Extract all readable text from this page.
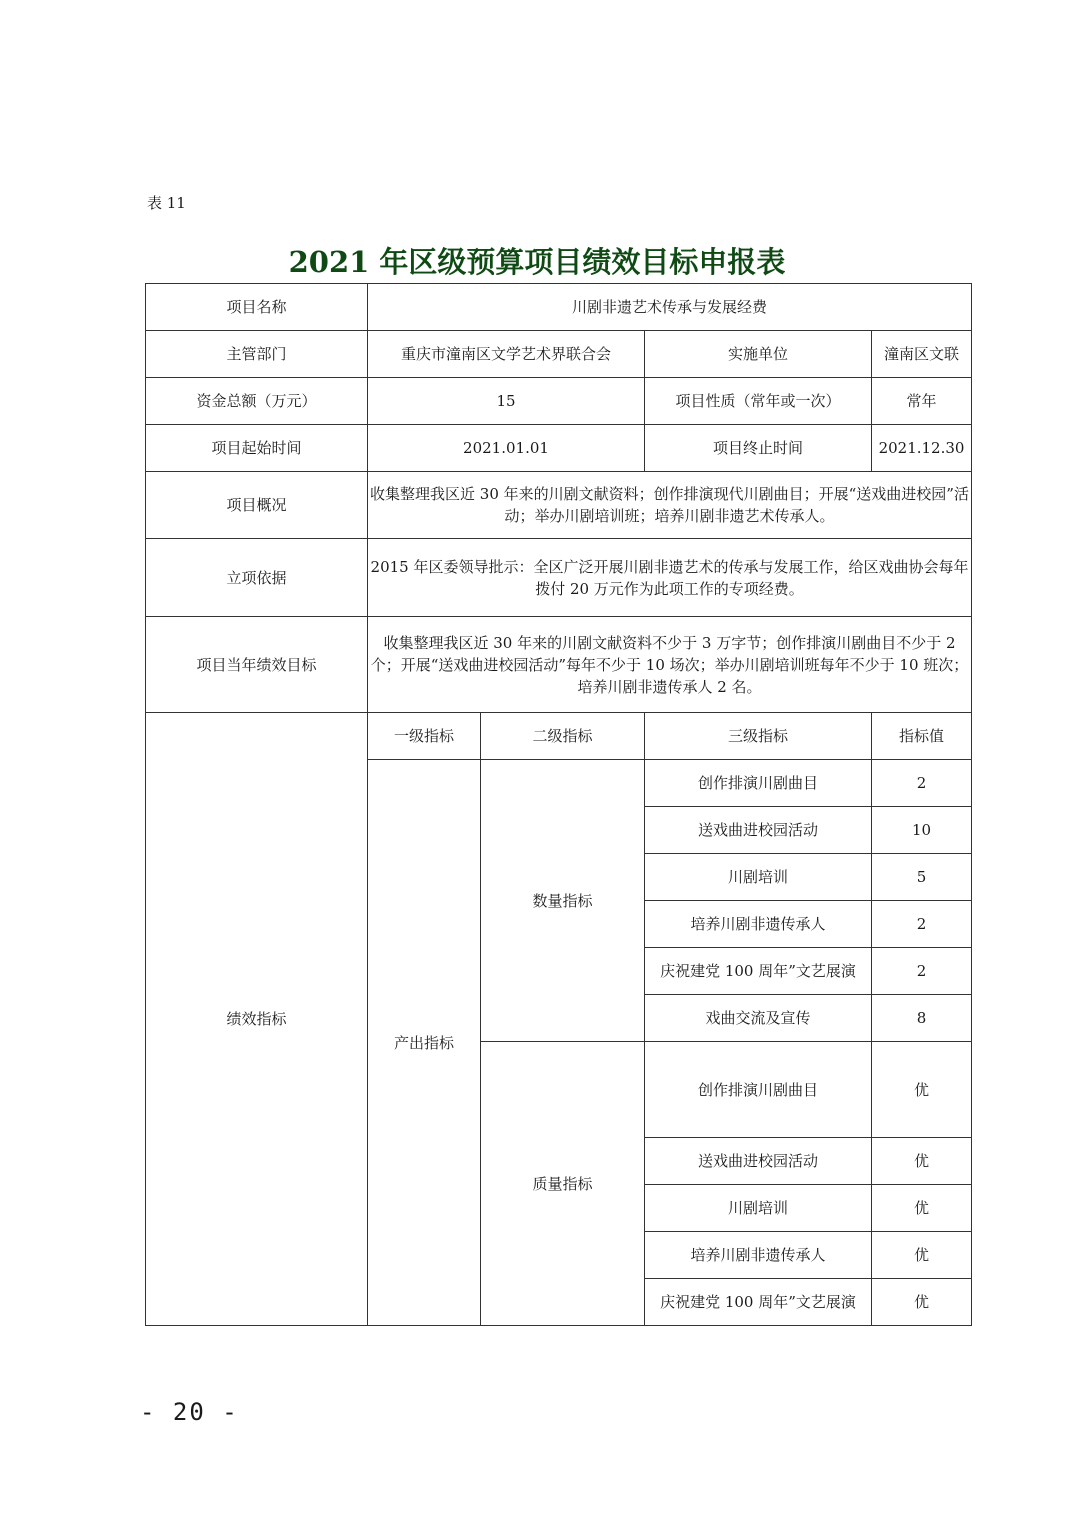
表 11
2021 年区级预算项目绩效目标申报表
项目名称	川剧非遗艺术传承与发展经费			
主管部门	重庆市潼南区文学艺术界联合会		实施单位	潼南区文联
资金总额（万元）	15		项目性质（常年或一次）	常年
项目起始时间	2021.01.01		项目终止时间	2021.12.30
项目概况	收集整理我区近 30 年来的川剧文献资料；创作排演现代川剧曲目；开展“送戏曲进校园”活动；举办川剧培训班；培养川剧非遗艺术传承人。			
立项依据	2015 年区委领导批示：全区广泛开展川剧非遗艺术的传承与发展工作，给区戏曲协会每年拨付 20 万元作为此项工作的专项经费。			
项目当年绩效目标	收集整理我区近 30 年来的川剧文献资料不少于 3 万字节；创作排演川剧曲目不少于 2 个；开展“送戏曲进校园活动”每年不少于 10 场次；举办川剧培训班每年不少于 10 班次；培养川剧非遗传承人 2 名。			
绩效指标	一级指标	二级指标	三级指标	指标值
	产出指标	数量指标	创作排演川剧曲目	2
			送戏曲进校园活动	10
			川剧培训	5
			培养川剧非遗传承人	2
			庆祝建党 100 周年”文艺展演	2
			戏曲交流及宣传	8
		质量指标	创作排演川剧曲目	优
			送戏曲进校园活动	优
			川剧培训	优
			培养川剧非遗传承人	优
			庆祝建党 100 周年”文艺展演	优
- 20 -
